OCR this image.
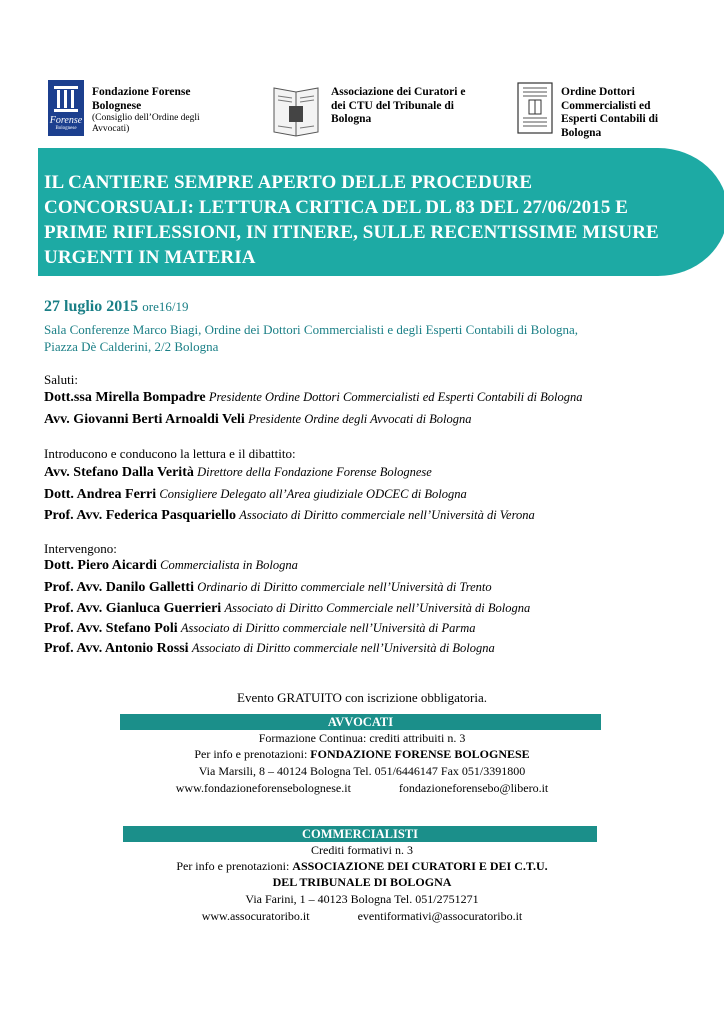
Forense
Bolognese
Fondazione Forense Bolognese
(Consiglio dell’Ordine degli Avvocati)
Associazione dei Curatori e dei CTU del Tribunale di Bologna
Ordine Dottori Commercialisti ed Esperti Contabili di Bologna
IL CANTIERE SEMPRE APERTO DELLE PROCEDURE CONCORSUALI: LETTURA CRITICA DEL DL 83 DEL 27/06/2015 E PRIME RIFLESSIONI, IN ITINERE, SULLE RECENTISSIME MISURE URGENTI IN MATERIA
27 luglio 2015 ore16/19
Sala Conferenze Marco Biagi, Ordine dei Dottori Commercialisti e degli Esperti Contabili di Bologna,
Piazza Dè Calderini, 2/2 Bologna
Saluti:
Dott.ssa Mirella Bompadre Presidente Ordine Dottori Commercialisti ed Esperti Contabili di Bologna
Avv. Giovanni Berti Arnoaldi Veli Presidente Ordine degli Avvocati di Bologna
Introducono e conducono la lettura e il dibattito:
Avv. Stefano Dalla Verità Direttore della Fondazione Forense Bolognese
Dott. Andrea Ferri Consigliere Delegato all’Area giudiziale ODCEC di Bologna
Prof. Avv. Federica Pasquariello Associato di Diritto commerciale nell’Università di Verona
Intervengono:
Dott. Piero Aicardi Commercialista in Bologna
Prof. Avv. Danilo Galletti Ordinario di Diritto commerciale nell’Università di Trento
Prof. Avv. Gianluca Guerrieri Associato di Diritto Commerciale nell’Università di Bologna
Prof. Avv. Stefano Poli Associato di Diritto commerciale nell’Università di Parma
Prof. Avv. Antonio Rossi Associato di Diritto commerciale nell’Università di Bologna
Evento GRATUITO con iscrizione obbligatoria.
AVVOCATI
Formazione Continua: crediti attribuiti n. 3
Per info e prenotazioni: FONDAZIONE FORENSE BOLOGNESE
Via Marsili, 8 – 40124 Bologna Tel. 051/6446147 Fax 051/3391800
www.fondazioneforensebolognese.it	fondazioneforensebo@libero.it
COMMERCIALISTI
Crediti formativi n. 3
Per info e prenotazioni: ASSOCIAZIONE DEI CURATORI E DEI C.T.U.
DEL TRIBUNALE DI BOLOGNA
Via Farini, 1 – 40123 Bologna Tel. 051/2751271
www.assocuratoribo.it	eventiformativi@assocuratoribo.it
